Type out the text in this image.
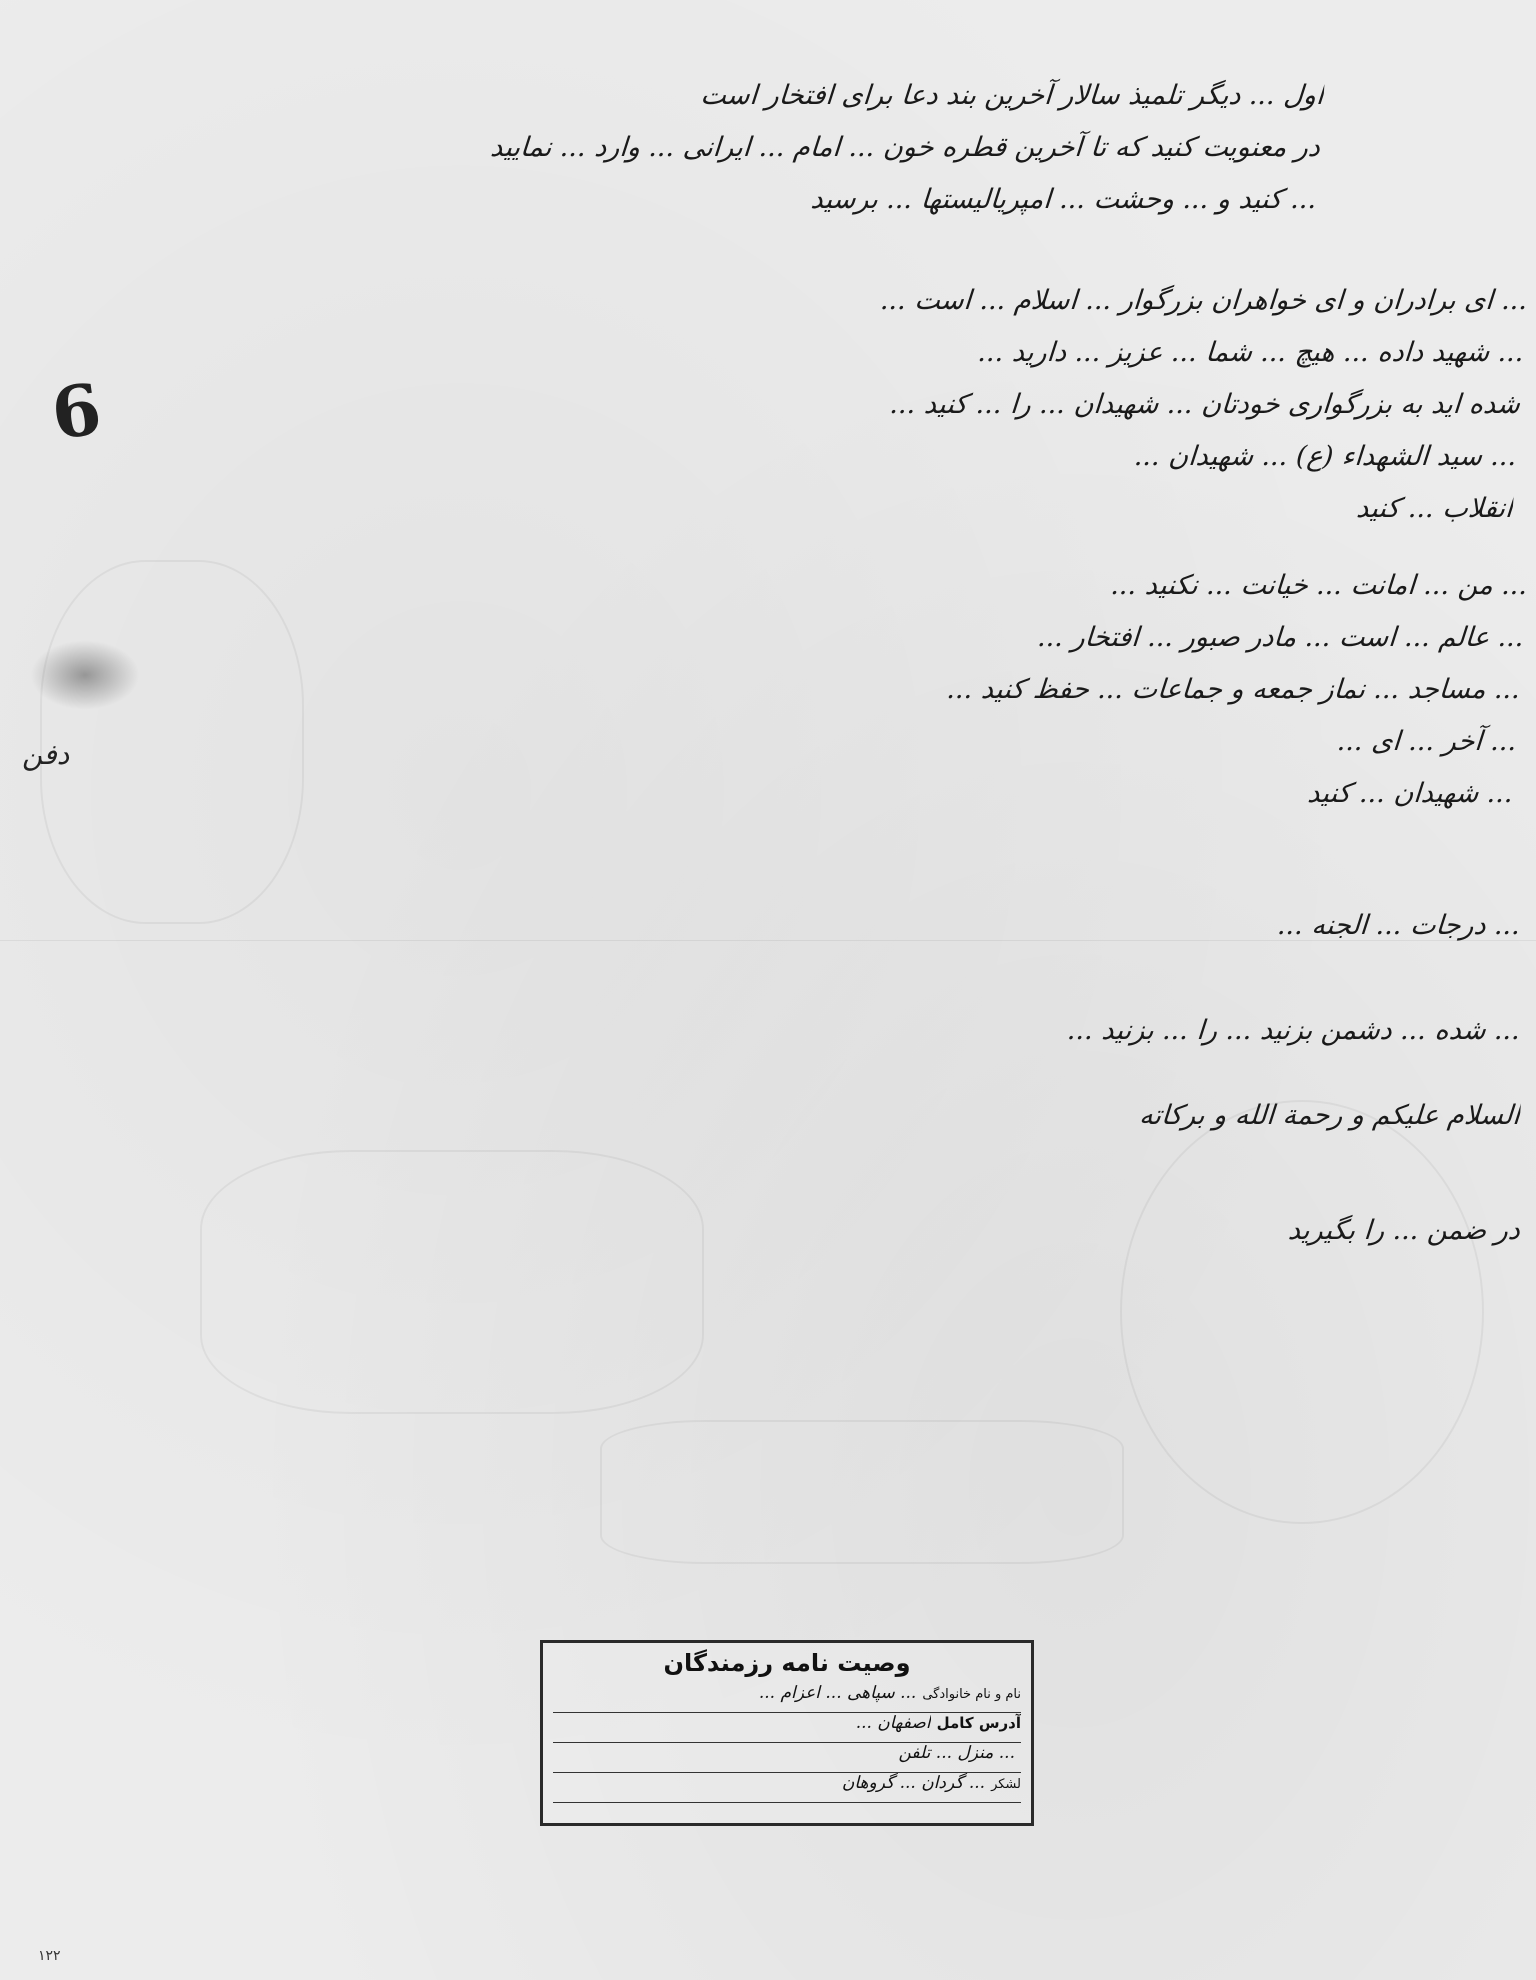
6
دفن
اول ... دیگر تلمیذ سالار آخرین بند دعا برای افتخار است
در معنویت کنید که تا آخرین قطره خون ... امام ... ایرانی ... وارد ... نمایید
... کنید و ... وحشت ... امپریالیستها ... برسید
... ای برادران و ای خواهران بزرگوار ... اسلام ... است ...
... شهید داده ... هیچ ... شما ... عزیز ... دارید ...
شده اید به بزرگواری خودتان ... شهیدان ... را ... کنید ...
... سید الشهداء (ع) ... شهیدان ...
انقلاب ... کنید
... من ... امانت ... خیانت ... نکنید ...
... عالم ... است ... مادر صبور ... افتخار ...
... مساجد ... نماز جمعه و جماعات ... حفظ کنید ...
... آخر ... ای ...
... شهیدان ... کنید
... درجات ... الجنه ...
... شده ... دشمن بزنید ... را ... بزنید ...
السلام علیکم و رحمة الله و برکاته
در ضمن ... را بگیرید
وصیت نامه رزمندگان
نام و نام خانوادگی
... سپاهی ... اعزام ...
آدرس کامل
اصفهان ...
... منزل ... تلفن
لشکر
... گردان ... گروهان
۱۲۲
